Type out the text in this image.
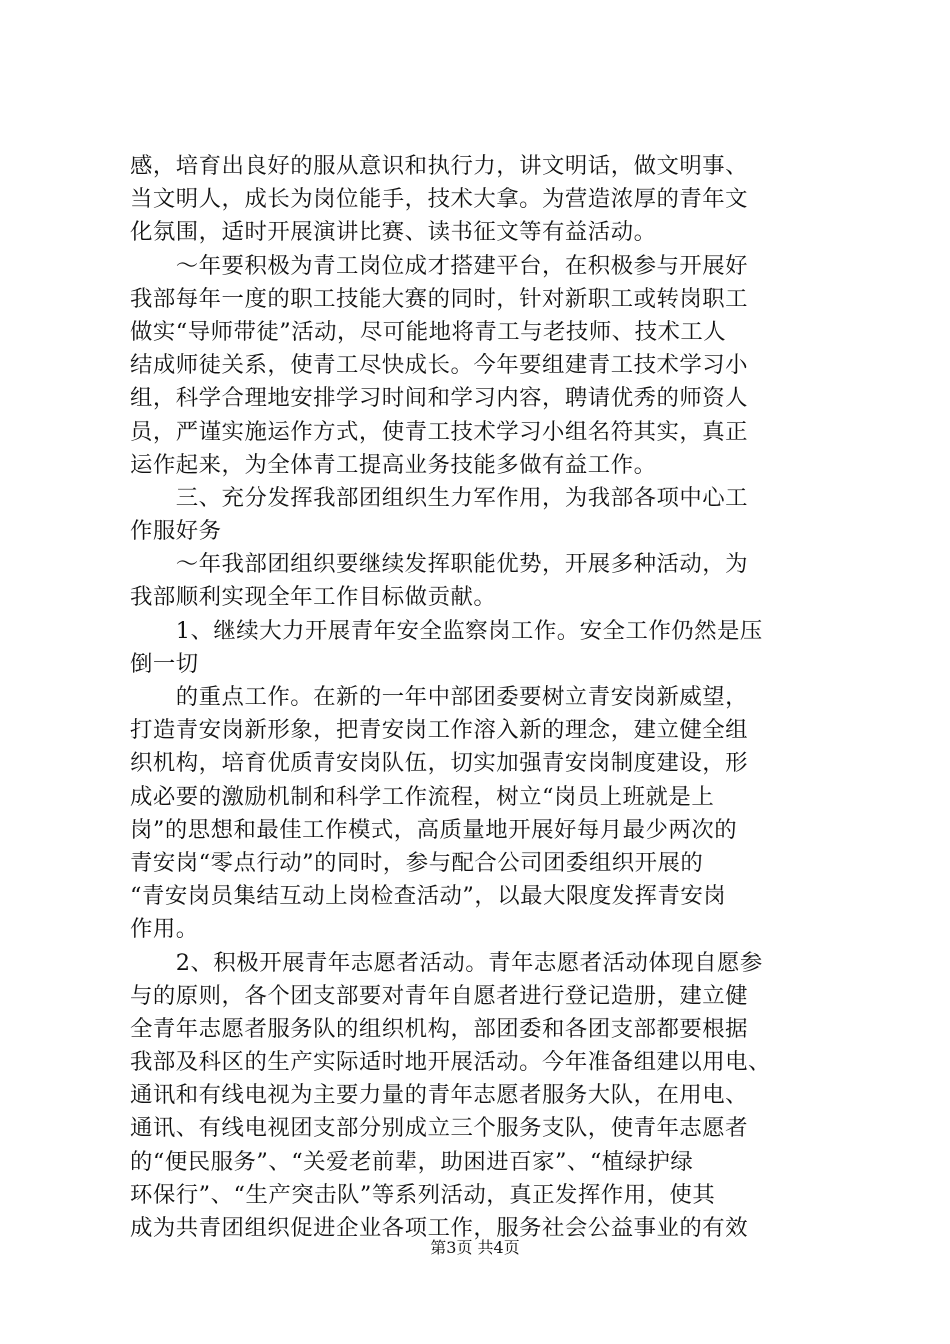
感，培育出良好的服从意识和执行力，讲文明话，做文明事、
当文明人，成长为岗位能手，技术大拿。为营造浓厚的青年文
化氛围，适时开展演讲比赛、读书征文等有益活动。
　　～年要积极为青工岗位成才搭建平台，在积极参与开展好
我部每年一度的职工技能大赛的同时，针对新职工或转岗职工
做实“导师带徒”活动，尽可能地将青工与老技师、技术工人
结成师徒关系，使青工尽快成长。今年要组建青工技术学习小
组，科学合理地安排学习时间和学习内容，聘请优秀的师资人
员，严谨实施运作方式，使青工技术学习小组名符其实，真正
运作起来，为全体青工提高业务技能多做有益工作。
　　三、充分发挥我部团组织生力军作用，为我部各项中心工
作服好务
　　～年我部团组织要继续发挥职能优势，开展多种活动，为
我部顺利实现全年工作目标做贡献。
　　1、继续大力开展青年安全监察岗工作。安全工作仍然是压
倒一切
　　的重点工作。在新的一年中部团委要树立青安岗新威望，
打造青安岗新形象，把青安岗工作溶入新的理念，建立健全组
织机构，培育优质青安岗队伍，切实加强青安岗制度建设，形
成必要的激励机制和科学工作流程，树立“岗员上班就是上
岗”的思想和最佳工作模式，高质量地开展好每月最少两次的
青安岗“零点行动”的同时，参与配合公司团委组织开展的
“青安岗员集结互动上岗检查活动”，以最大限度发挥青安岗
作用。
　　2、积极开展青年志愿者活动。青年志愿者活动体现自愿参
与的原则，各个团支部要对青年自愿者进行登记造册，建立健
全青年志愿者服务队的组织机构，部团委和各团支部都要根据
我部及科区的生产实际适时地开展活动。今年准备组建以用电、
通讯和有线电视为主要力量的青年志愿者服务大队，在用电、
通讯、有线电视团支部分别成立三个服务支队，使青年志愿者
的“便民服务”、“关爱老前辈，助困进百家”、“植绿护绿
环保行”、“生产突击队”等系列活动，真正发挥作用，使其
成为共青团组织促进企业各项工作，服务社会公益事业的有效
第3页 共4页
